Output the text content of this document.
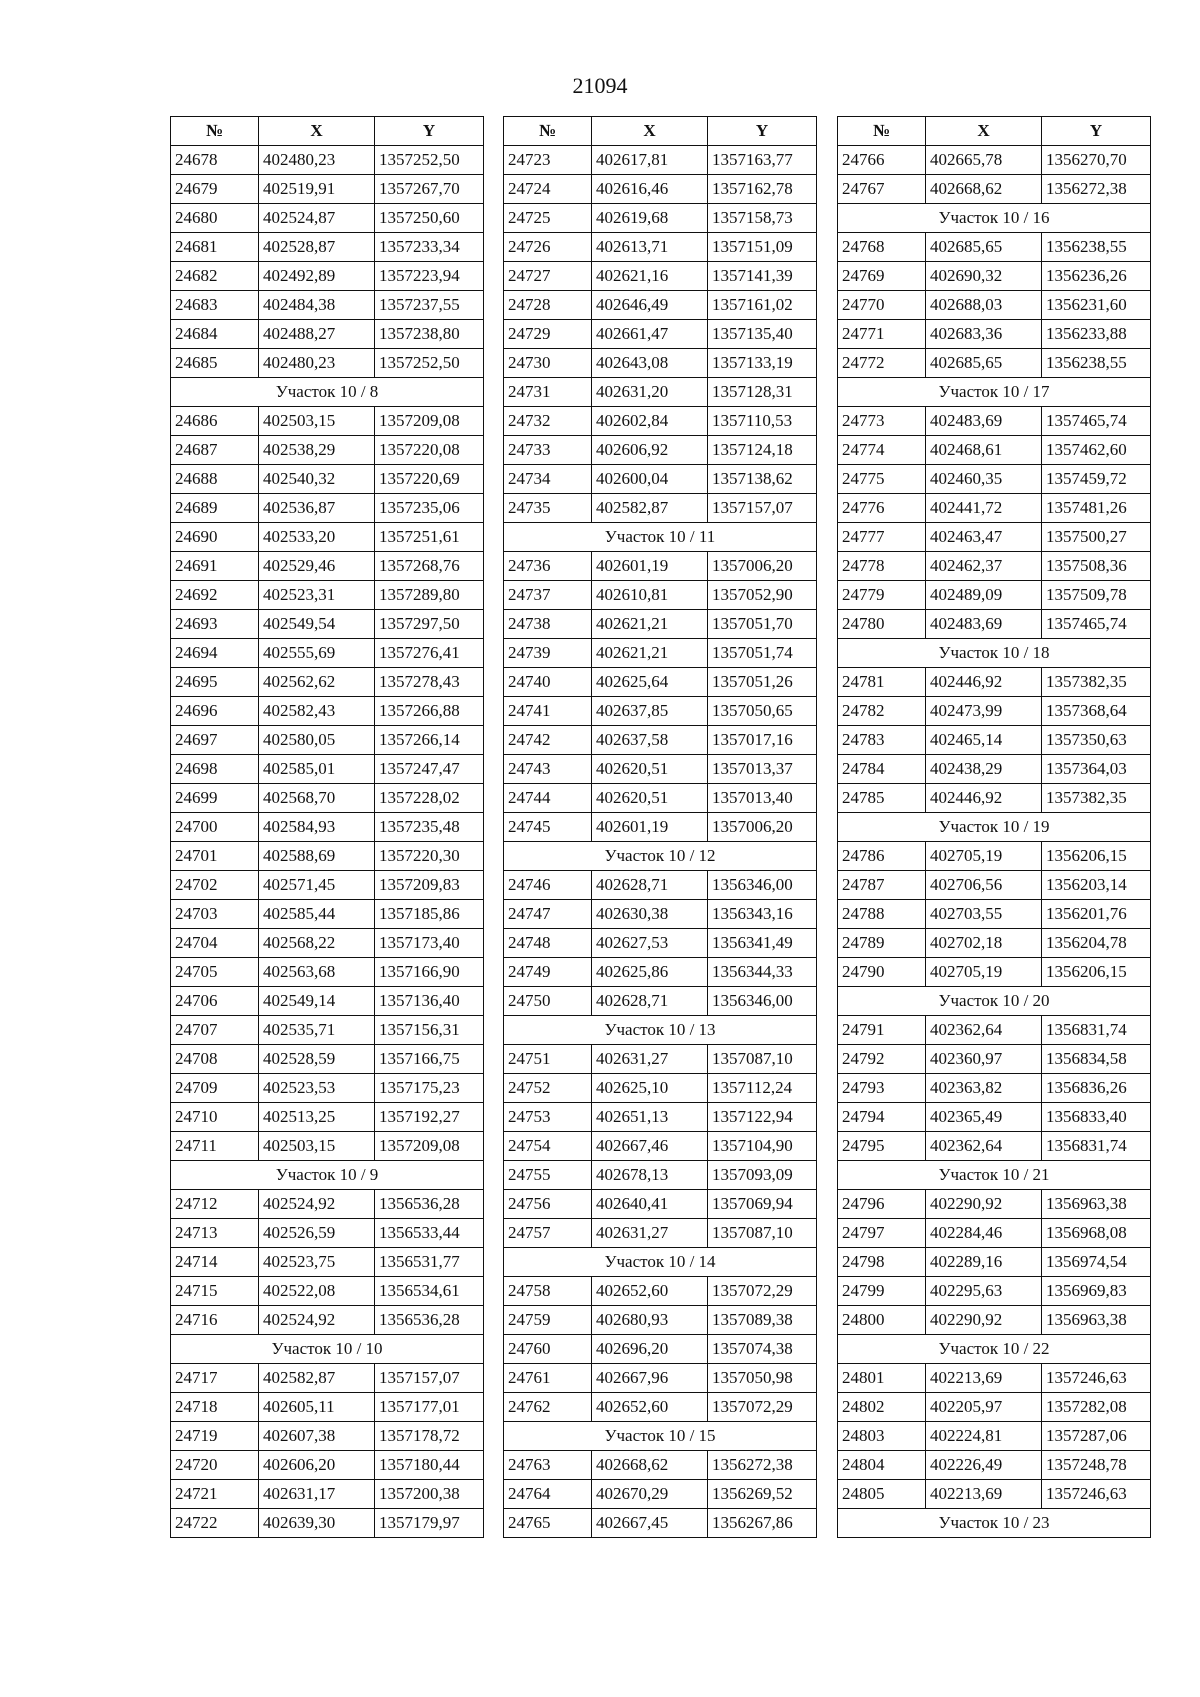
21094
№	X	Y
24678	402480,23	1357252,50
24679	402519,91	1357267,70
24680	402524,87	1357250,60
24681	402528,87	1357233,34
24682	402492,89	1357223,94
24683	402484,38	1357237,55
24684	402488,27	1357238,80
24685	402480,23	1357252,50
Участок 10 / 8		
24686	402503,15	1357209,08
24687	402538,29	1357220,08
24688	402540,32	1357220,69
24689	402536,87	1357235,06
24690	402533,20	1357251,61
24691	402529,46	1357268,76
24692	402523,31	1357289,80
24693	402549,54	1357297,50
24694	402555,69	1357276,41
24695	402562,62	1357278,43
24696	402582,43	1357266,88
24697	402580,05	1357266,14
24698	402585,01	1357247,47
24699	402568,70	1357228,02
24700	402584,93	1357235,48
24701	402588,69	1357220,30
24702	402571,45	1357209,83
24703	402585,44	1357185,86
24704	402568,22	1357173,40
24705	402563,68	1357166,90
24706	402549,14	1357136,40
24707	402535,71	1357156,31
24708	402528,59	1357166,75
24709	402523,53	1357175,23
24710	402513,25	1357192,27
24711	402503,15	1357209,08
Участок 10 / 9		
24712	402524,92	1356536,28
24713	402526,59	1356533,44
24714	402523,75	1356531,77
24715	402522,08	1356534,61
24716	402524,92	1356536,28
Участок 10 / 10		
24717	402582,87	1357157,07
24718	402605,11	1357177,01
24719	402607,38	1357178,72
24720	402606,20	1357180,44
24721	402631,17	1357200,38
24722	402639,30	1357179,97
№	X	Y
24723	402617,81	1357163,77
24724	402616,46	1357162,78
24725	402619,68	1357158,73
24726	402613,71	1357151,09
24727	402621,16	1357141,39
24728	402646,49	1357161,02
24729	402661,47	1357135,40
24730	402643,08	1357133,19
24731	402631,20	1357128,31
24732	402602,84	1357110,53
24733	402606,92	1357124,18
24734	402600,04	1357138,62
24735	402582,87	1357157,07
Участок 10 / 11		
24736	402601,19	1357006,20
24737	402610,81	1357052,90
24738	402621,21	1357051,70
24739	402621,21	1357051,74
24740	402625,64	1357051,26
24741	402637,85	1357050,65
24742	402637,58	1357017,16
24743	402620,51	1357013,37
24744	402620,51	1357013,40
24745	402601,19	1357006,20
Участок 10 / 12		
24746	402628,71	1356346,00
24747	402630,38	1356343,16
24748	402627,53	1356341,49
24749	402625,86	1356344,33
24750	402628,71	1356346,00
Участок 10 / 13		
24751	402631,27	1357087,10
24752	402625,10	1357112,24
24753	402651,13	1357122,94
24754	402667,46	1357104,90
24755	402678,13	1357093,09
24756	402640,41	1357069,94
24757	402631,27	1357087,10
Участок 10 / 14		
24758	402652,60	1357072,29
24759	402680,93	1357089,38
24760	402696,20	1357074,38
24761	402667,96	1357050,98
24762	402652,60	1357072,29
Участок 10 / 15		
24763	402668,62	1356272,38
24764	402670,29	1356269,52
24765	402667,45	1356267,86
№	X	Y
24766	402665,78	1356270,70
24767	402668,62	1356272,38
Участок 10 / 16		
24768	402685,65	1356238,55
24769	402690,32	1356236,26
24770	402688,03	1356231,60
24771	402683,36	1356233,88
24772	402685,65	1356238,55
Участок 10 / 17		
24773	402483,69	1357465,74
24774	402468,61	1357462,60
24775	402460,35	1357459,72
24776	402441,72	1357481,26
24777	402463,47	1357500,27
24778	402462,37	1357508,36
24779	402489,09	1357509,78
24780	402483,69	1357465,74
Участок 10 / 18		
24781	402446,92	1357382,35
24782	402473,99	1357368,64
24783	402465,14	1357350,63
24784	402438,29	1357364,03
24785	402446,92	1357382,35
Участок 10 / 19		
24786	402705,19	1356206,15
24787	402706,56	1356203,14
24788	402703,55	1356201,76
24789	402702,18	1356204,78
24790	402705,19	1356206,15
Участок 10 / 20		
24791	402362,64	1356831,74
24792	402360,97	1356834,58
24793	402363,82	1356836,26
24794	402365,49	1356833,40
24795	402362,64	1356831,74
Участок 10 / 21		
24796	402290,92	1356963,38
24797	402284,46	1356968,08
24798	402289,16	1356974,54
24799	402295,63	1356969,83
24800	402290,92	1356963,38
Участок 10 / 22		
24801	402213,69	1357246,63
24802	402205,97	1357282,08
24803	402224,81	1357287,06
24804	402226,49	1357248,78
24805	402213,69	1357246,63
Участок 10 / 23		
